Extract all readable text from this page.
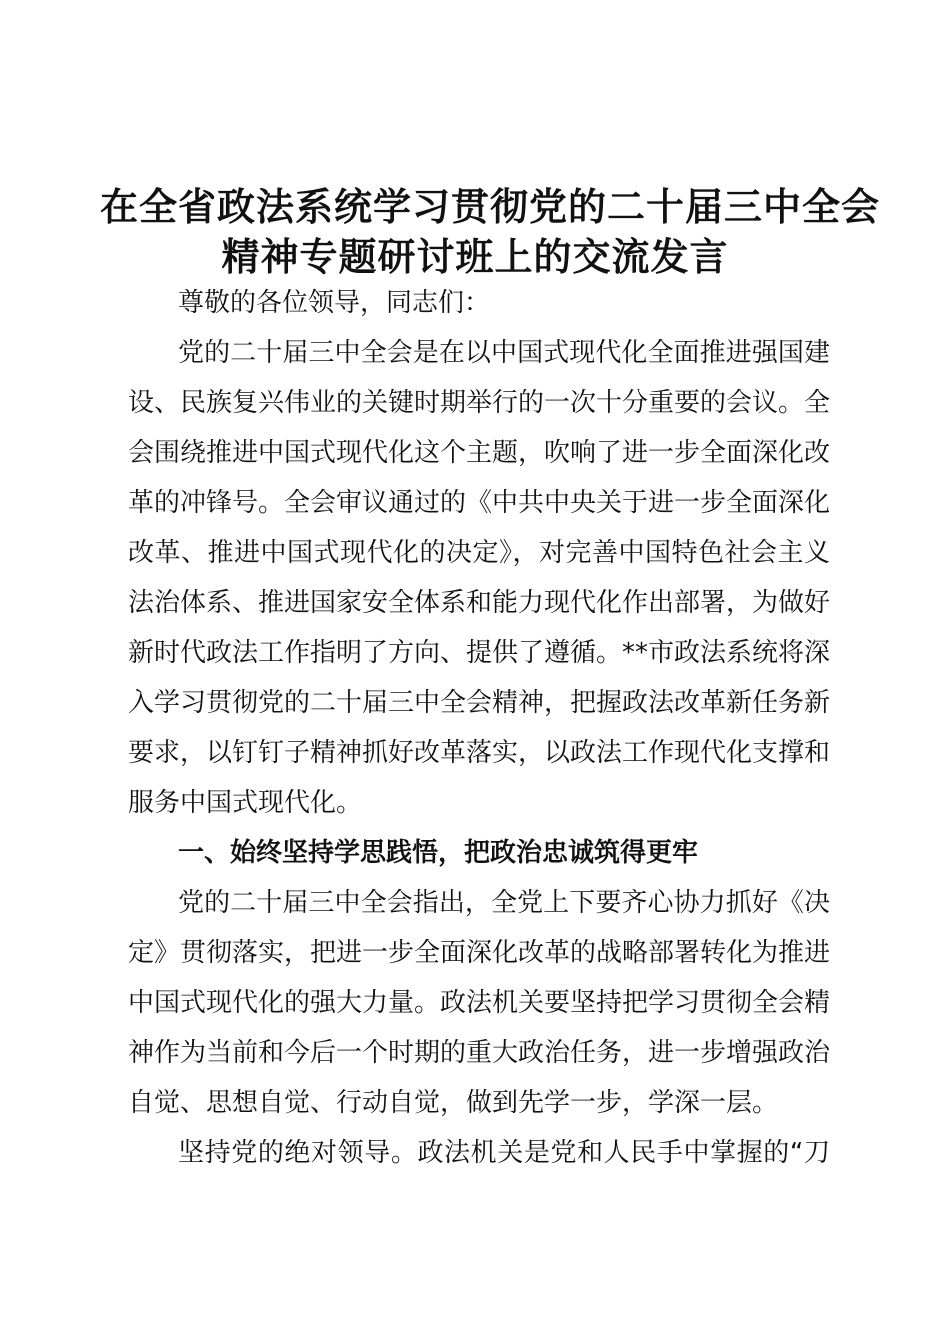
在全省政法系统学习贯彻党的二十届三中全会
精神专题研讨班上的交流发言
尊敬的各位领导，同志们：
党的二十届三中全会是在以中国式现代化全面推进强国建
设、民族复兴伟业的关键时期举行的一次十分重要的会议。全
会围绕推进中国式现代化这个主题，吹响了进一步全面深化改
革的冲锋号。全会审议通过的《中共中央关于进一步全面深化
改革、推进中国式现代化的决定》，对完善中国特色社会主义
法治体系、推进国家安全体系和能力现代化作出部署，为做好
新时代政法工作指明了方向、提供了遵循。**市政法系统将深
入学习贯彻党的二十届三中全会精神，把握政法改革新任务新
要求，以钉钉子精神抓好改革落实，以政法工作现代化支撑和
服务中国式现代化。
一、始终坚持学思践悟，把政治忠诚筑得更牢
党的二十届三中全会指出，全党上下要齐心协力抓好《决
定》贯彻落实，把进一步全面深化改革的战略部署转化为推进
中国式现代化的强大力量。政法机关要坚持把学习贯彻全会精
神作为当前和今后一个时期的重大政治任务，进一步增强政治
自觉、思想自觉、行动自觉，做到先学一步，学深一层。
坚持党的绝对领导。政法机关是党和人民手中掌握的“刀
